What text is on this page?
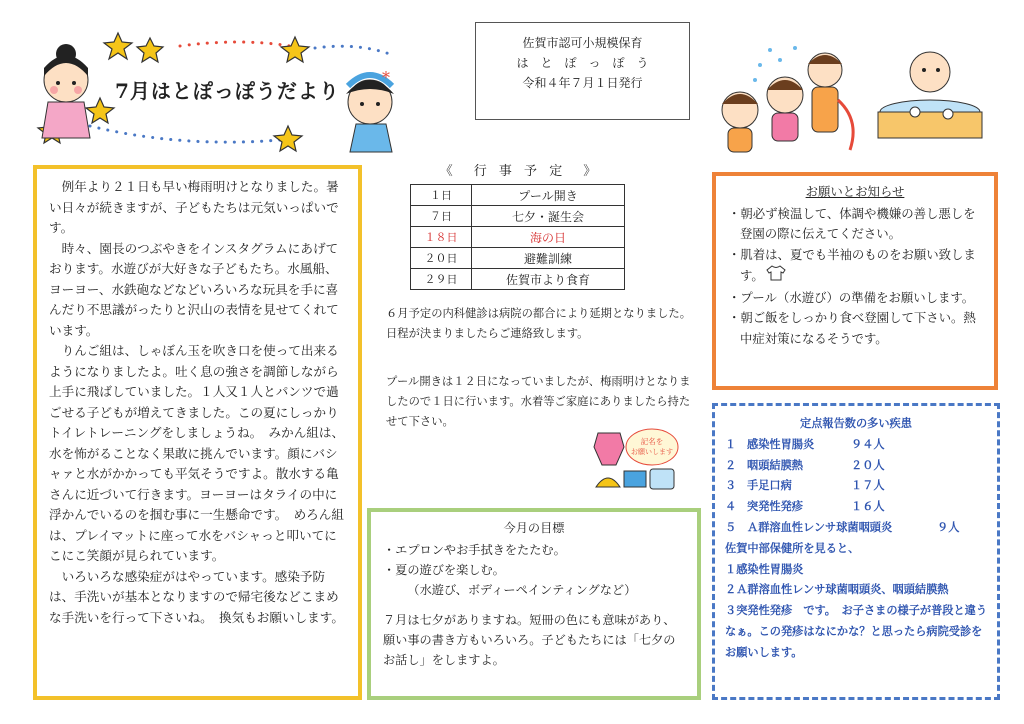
*
7月はとぽっぽうだより
佐賀市認可小規模保育
は　と　ぽ　っ　ぽ　う
令和４年７月１日発行

例年より２１日も早い梅雨明けとなりました。暑い日々が続きますが、子どもたちは元気いっぱいです。

時々、園長のつぶやきをインスタグラムにあげております。水遊びが大好きな子どもたち。水風船、ヨーヨー、水鉄砲などなどいろいろな玩具を手に喜んだり不思議がったりと沢山の表情を見せてくれています。

りんご組は、しゃぼん玉を吹き口を使って出来るようになりましたよ。吐く息の強さを調節しながら上手に飛ばしていました。１人又１人とパンツで過ごせる子どもが増えてきました。この夏にしっかりトイレトレーニングをしましょうね。　みかん組は、水を怖がることなく果敢に挑んでいます。顔にバシャァと水がかかっても平気そうですよ。散水する亀さんに近づいて行きます。ヨーヨーはタライの中に浮かんでいるのを掴む事に一生懸命です。　めろん組は、プレイマットに座って水をバシャっと叩いてにこにこ笑顔が見られています。

いろいろな感染症がはやっています。感染予防は、手洗いが基本となりますので帰宅後などこまめな手洗いを行って下さいね。　換気もお願いします。

《　行 事 予 定　》
１日	プール開き
７日	七夕・誕生会
１８日	海の日
２０日	避難訓練
２９日	佐賀市より食育
６月予定の内科健診は病院の都合により延期となりました。日程が決まりましたらご連絡致します。
プール開きは１２日になっていましたが、梅雨明けとなりましたので１日に行います。水着等ご家庭にありましたら持たせて下さい。
記名を
お願いします
今月の目標

・エプロンやお手拭きをたたむ。

・夏の遊びを楽しむ。

（水遊び、ボディーペインティングなど）

７月は七夕がありますね。短冊の色にも意味があり、願い事の書き方もいろいろ。子どもたちには「七夕のお話し」をしますよ。

お願いとお知らせ
・朝必ず検温して、体調や機嫌の善し悪しを登園の際に伝えてください。
・肌着は、夏でも半袖のものをお願い致します。
・プール（水遊び）の準備をお願いします。
・朝ご飯をしっかり食べ登園して下さい。熱中症対策になるそうです。
定点報告数の多い疾患
１ 感染性胃腸炎	９４人
２ 咽頭結膜熱	２０人
３ 手足口病	１７人
４ 突発性発疹	１６人
５ Ａ群溶血性レンサ球菌咽頭炎	９人
佐賀中部保健所を見ると、
１感染性胃腸炎
２Ａ群溶血性レンサ球菌咽頭炎、咽頭結膜熱
３突発性発疹　です。　お子さまの様子が普段と違うなぁ。この発疹はなにかな？と思ったら病院受診をお願いします。
